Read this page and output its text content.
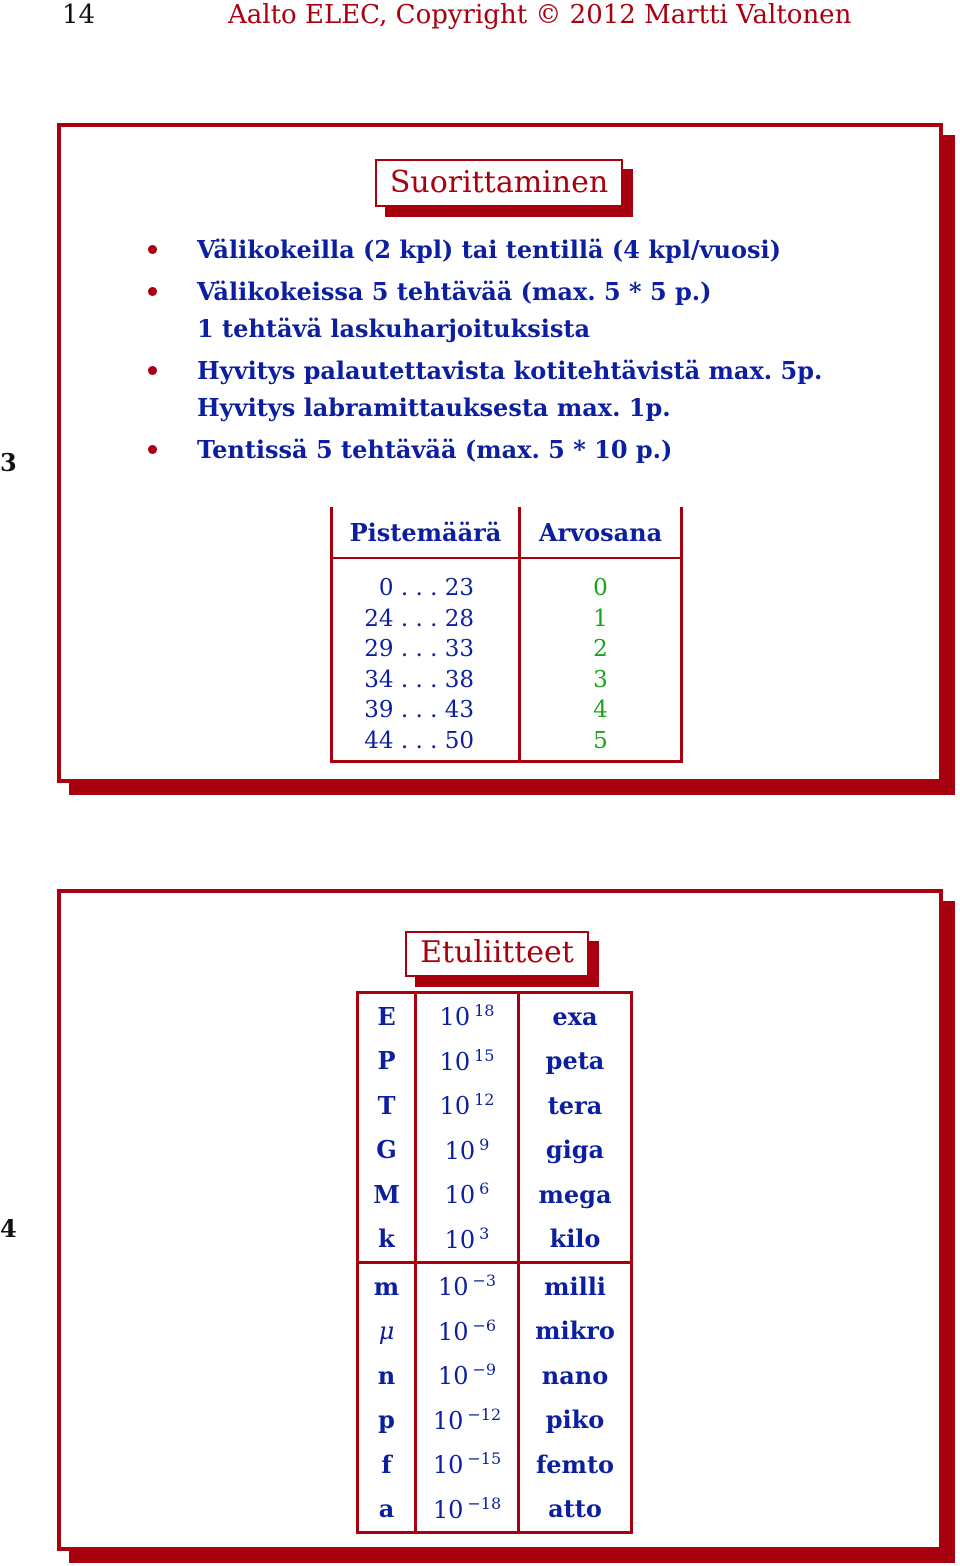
14	Aalto ELEC, Copyright © 2012 Martti Valtonen
3
Suorittaminen
Välikokeilla (2 kpl) tai tentillä (4 kpl/vuosi)
Välikokeissa 5 tehtävää (max. 5 * 5 p.)
1 tehtävä laskuharjoituksista
Hyvitys palautettavista kotitehtävistä max. 5p.
Hyvitys labramittauksesta max. 1p.
Tentissä 5 tehtävää (max. 5 * 10 p.)
Pistemäärä	Arvosana
0 . . . 23	0
24 . . . 28	1
29 . . . 33	2
34 . . . 38	3
39 . . . 43	4
44 . . . 50	5
4
Etuliitteet
E	10 $^{18}$	exa
P	10 $^{15}$	peta
T	10 $^{12}$	tera
G	10 $^9$	giga
M	10 $^6$	mega
k	10 $^3$	kilo
m	10 $^{-3}$	milli
μ	10 $^{-6}$	mikro
n	10 $^{-9}$	nano
p	10 $^{-12}$	piko
f	10 $^{-15}$	femto
a	10 $^{-18}$	atto
